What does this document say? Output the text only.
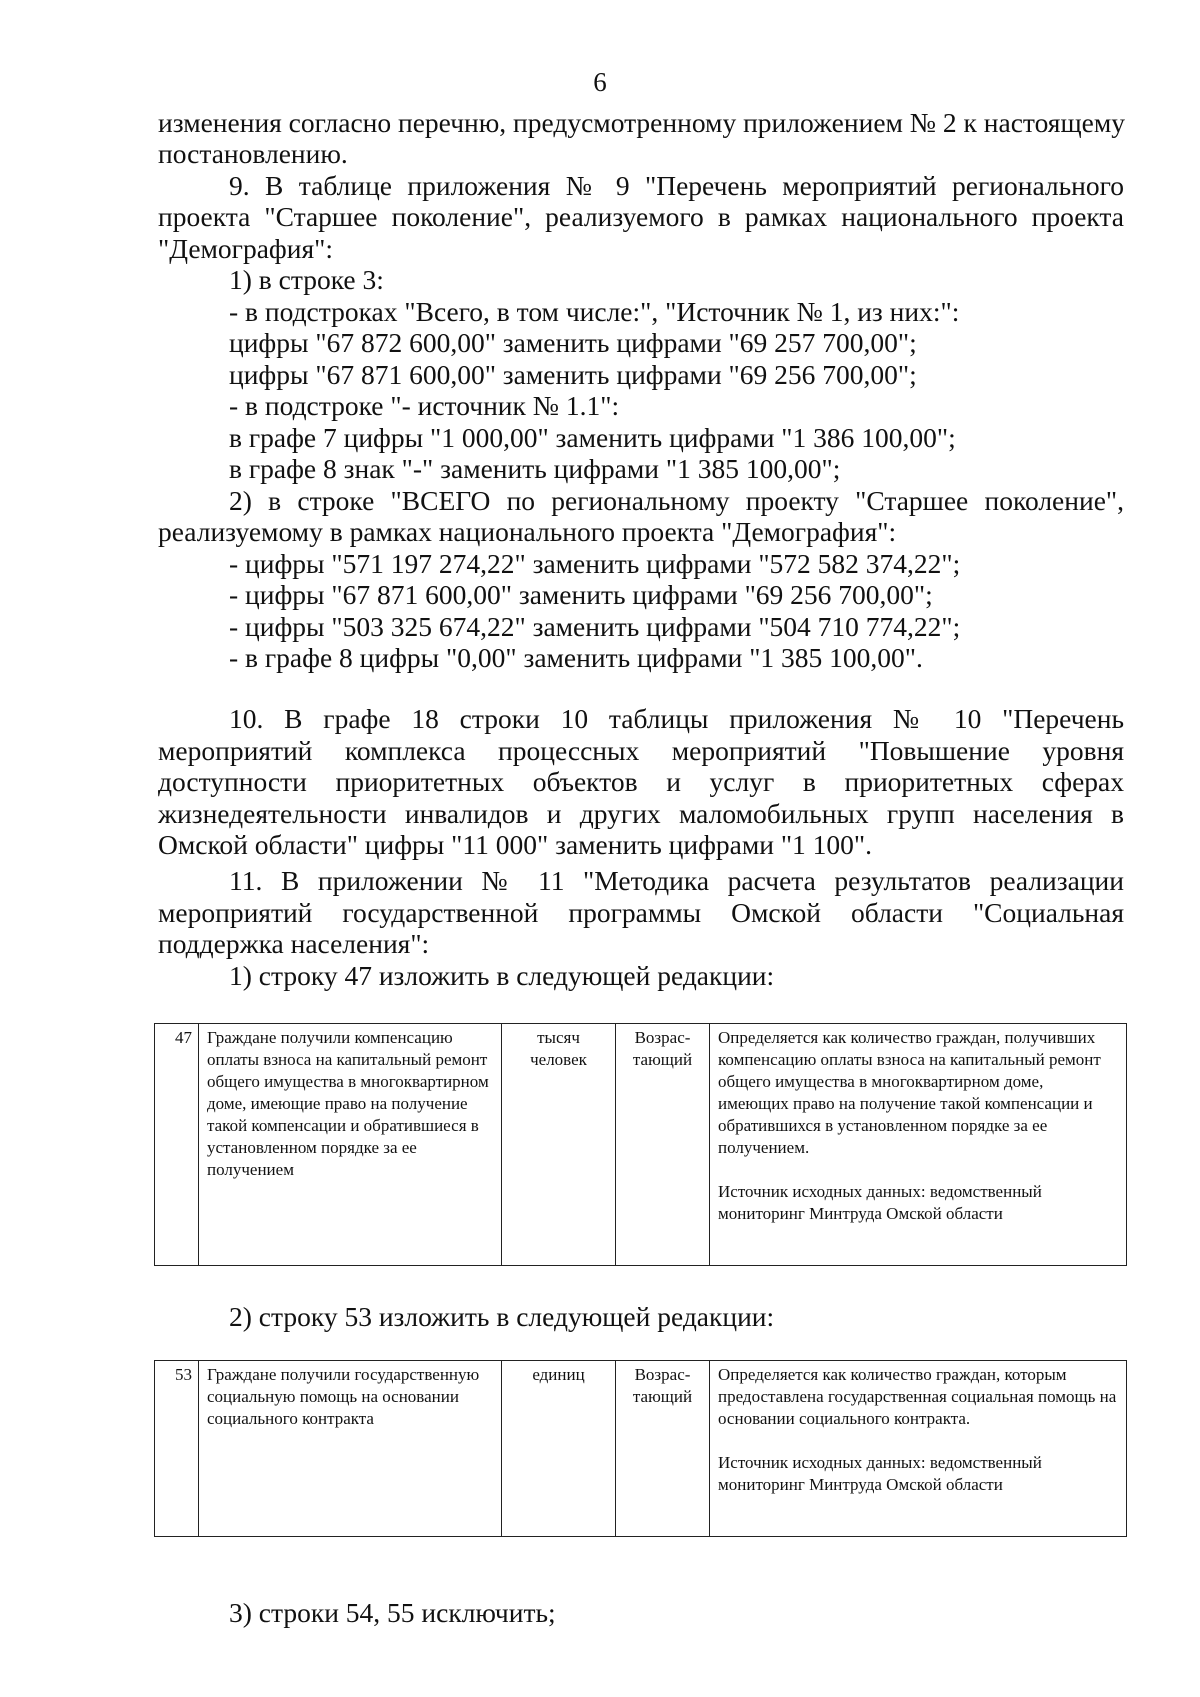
6
изменения согласно перечню, предусмотренному приложением № 2 к настоящему
постановлению.
9. В таблице приложения № 9 "Перечень мероприятий регионального
проекта "Старшее поколение", реализуемого в рамках национального проекта
"Демография":
1) в строке 3:
- в подстроках "Всего, в том числе:", "Источник № 1, из них:":
цифры "67 872 600,00" заменить цифрами "69 257 700,00";
цифры "67 871 600,00" заменить цифрами "69 256 700,00";
- в подстроке "- источник № 1.1":
в графе 7 цифры "1 000,00" заменить цифрами "1 386 100,00";
в графе 8 знак "-" заменить цифрами "1 385 100,00";
2) в строке "ВСЕГО по региональному проекту "Старшее поколение",
реализуемому в рамках национального проекта "Демография":
- цифры "571 197 274,22" заменить цифрами "572 582 374,22";
- цифры "67 871 600,00" заменить цифрами "69 256 700,00";
- цифры "503 325 674,22" заменить цифрами "504 710 774,22";
- в графе 8 цифры "0,00" заменить цифрами "1 385 100,00".
10. В графе 18 строки 10 таблицы приложения № 10 "Перечень
мероприятий комплекса процессных мероприятий "Повышение уровня
доступности приоритетных объектов и услуг в приоритетных сферах
жизнедеятельности инвалидов и других маломобильных групп населения в
Омской области" цифры "11 000" заменить цифрами "1 100".
11. В приложении № 11 "Методика расчета результатов реализации
мероприятий государственной программы Омской области "Социальная
поддержка населения":
1) строку 47 изложить в следующей редакции:
47	Граждане получили компенсацию оплаты взноса на капитальный ремонт общего имущества в многоквартирном доме, имеющие право на получение такой компенсации и обратившиеся в установленном порядке за ее получением	тысяч человек	Возрас-тающий	Определяется как количество граждан, получивших компенсацию оплаты взноса на капитальный ремонт общего имущества в многоквартирном доме, имеющих право на получение такой компенсации и обратившихся в установленном порядке за ее получением.
Источник исходных данных: ведомственный мониторинг Минтруда Омской области
2) строку 53 изложить в следующей редакции:
53	Граждане получили государственную социальную помощь на основании социального контракта	единиц	Возрас-тающий	Определяется как количество граждан, которым предоставлена государственная социальная помощь на основании социального контракта.
Источник исходных данных: ведомственный мониторинг Минтруда Омской области
3) строки 54, 55 исключить;
